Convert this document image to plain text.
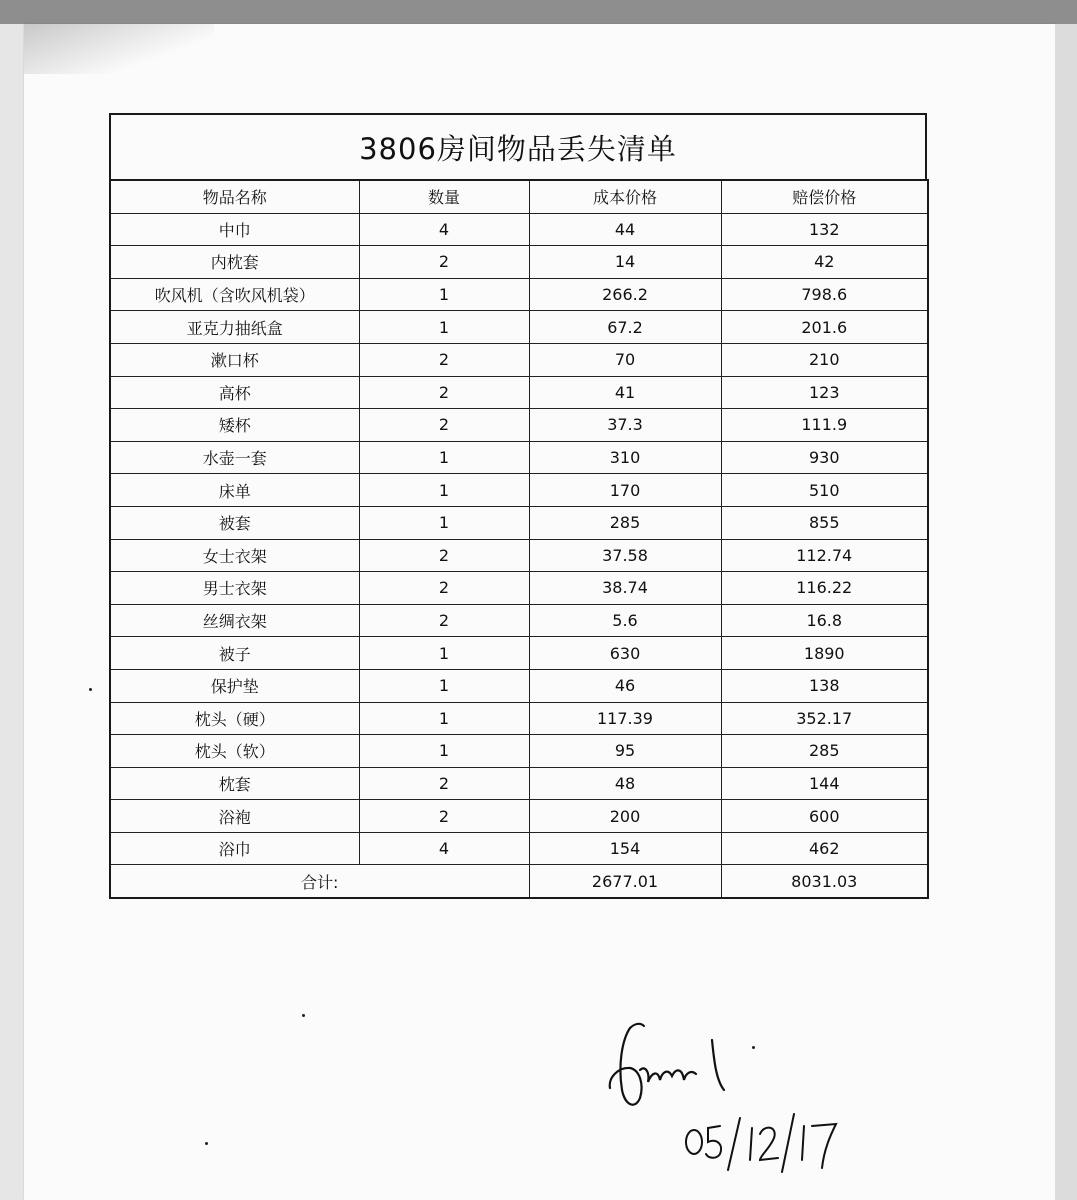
3806房间物品丢失清单
物品名称	数量	成本价格	赔偿价格
中巾	4	44	132
内枕套	2	14	42
吹风机（含吹风机袋）	1	266.2	798.6
亚克力抽纸盒	1	67.2	201.6
漱口杯	2	70	210
高杯	2	41	123
矮杯	2	37.3	111.9
水壶一套	1	310	930
床单	1	170	510
被套	1	285	855
女士衣架	2	37.58	112.74
男士衣架	2	38.74	116.22
丝绸衣架	2	5.6	16.8
被子	1	630	1890
保护垫	1	46	138
枕头（硬）	1	117.39	352.17
枕头（软）	1	95	285
枕套	2	48	144
浴袍	2	200	600
浴巾	4	154	462
合计:		2677.01	8031.03
